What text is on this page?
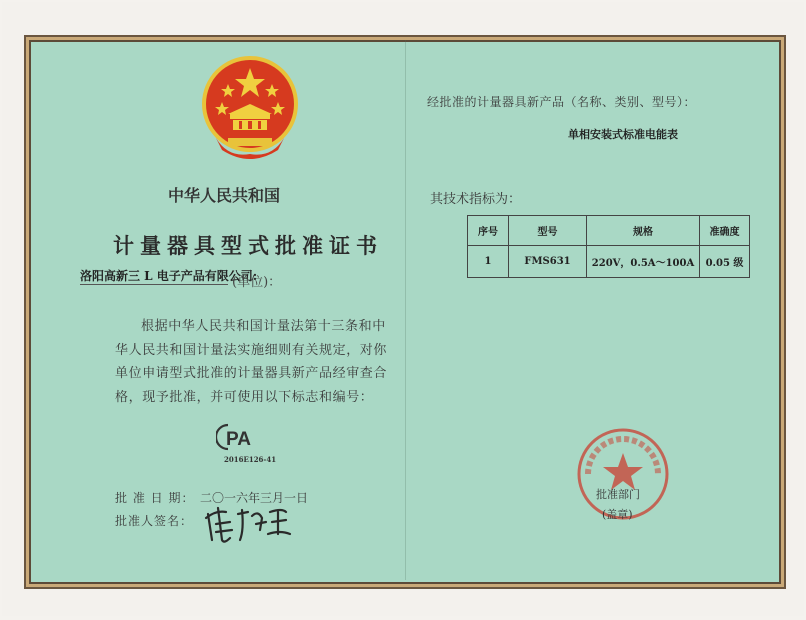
中华人民共和国
计量器具型式批准证书
洛阳高新三 L 电子产品有限公司:
(单位)：
根据中华人民共和国计量法第十三条和中华人民共和国计量法实施细则有关规定，对你单位申请型式批准的计量器具新产品经审查合格，现予批准，并可使用以下标志和编号：
PA
2016E126-41
批 准 日 期： 二〇一六年三月一日
批准人签名：
经批准的计量器具新产品（名称、类别、型号）：
单相安装式标准电能表
其技术指标为：
序号	型号	规格	准确度
1	FMS631	220V，0.5A～100A	0.05 级
批准部门
(盖章)
